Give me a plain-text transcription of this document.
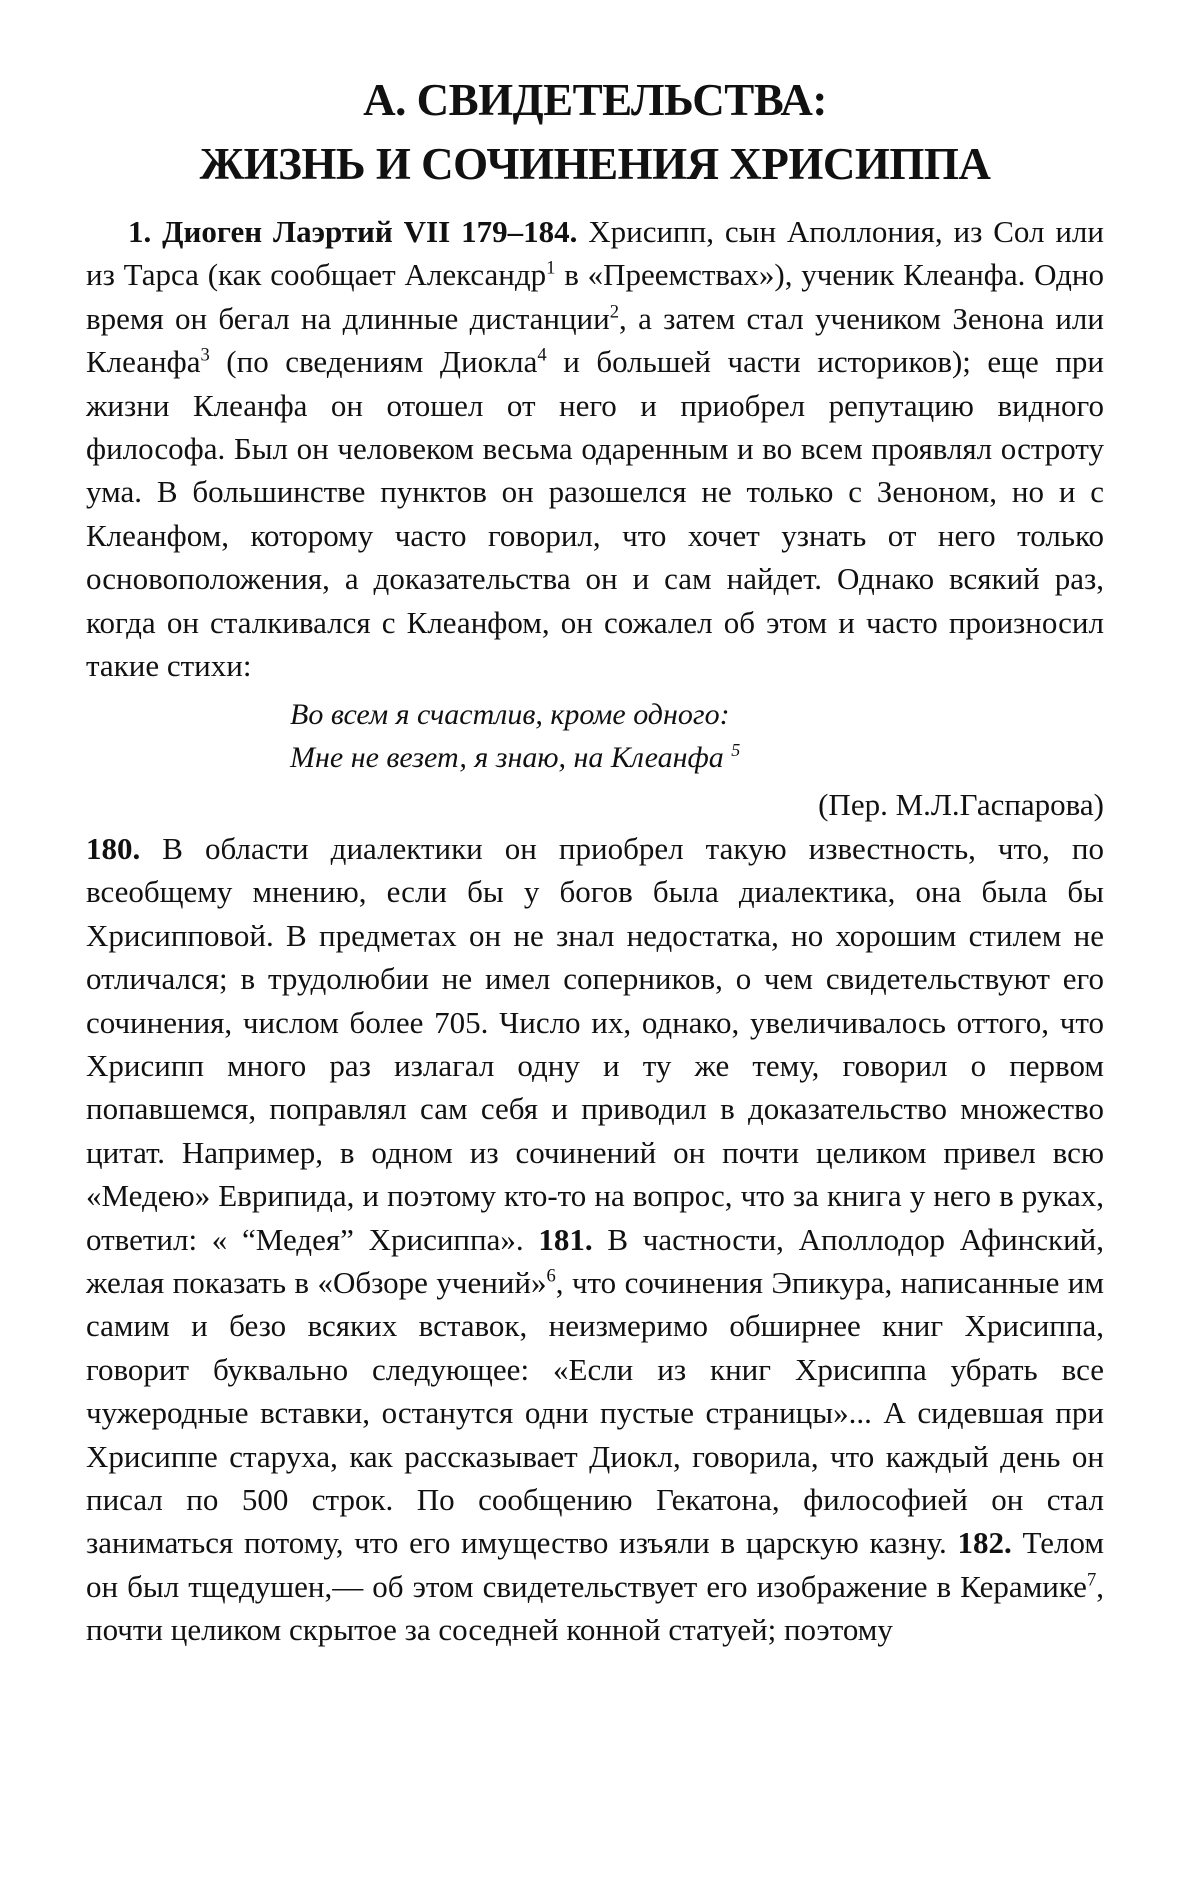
А. СВИДЕТЕЛЬСТВА:
ЖИЗНЬ И СОЧИНЕНИЯ ХРИСИППА

1. Диоген Лаэртий VII 179–184. Хрисипп, сын Аполлония, из Сол или из Тарса (как сообщает Александр$^1$ в «Преемствах»), ученик Клеанфа. Одно время он бегал на длинные дистанции$^2$, а затем стал учеником Зенона или Клеанфа$^3$ (по сведениям Диокла$^4$ и большей части историков); еще при жизни Клеанфа он отошел от него и приобрел репутацию видного философа. Был он человеком весьма одаренным и во всем проявлял остроту ума. В большинстве пунктов он разошелся не только с Зеноном, но и с Клеанфом, которому часто говорил, что хочет узнать от него только основоположения, а доказательства он и сам найдет. Однако всякий раз, когда он сталкивался с Клеанфом, он сожалел об этом и часто произносил такие стихи:

Во всем я счастлив, кроме одного:
Мне не везет, я знаю, на Клеанфа $^5$

(Пер. М.Л.Гаспарова)

180. В области диалектики он приобрел такую известность, что, по всеобщему мнению, если бы у богов была диалектика, она была бы Хрисипповой. В предметах он не знал недостатка, но хорошим стилем не отличался; в трудолюбии не имел соперников, о чем свидетельствуют его сочинения, числом более 705. Число их, однако, увеличивалось оттого, что Хрисипп много раз излагал одну и ту же тему, говорил о первом попавшемся, поправлял сам себя и приводил в доказательство множество цитат. Например, в одном из сочинений он почти целиком привел всю «Медею» Еврипида, и поэтому кто-то на вопрос, что за книга у него в руках, ответил: « “Медея” Хрисиппа». 181. В частности, Аполлодор Афинский, желая показать в «Обзоре учений»$^6$, что сочинения Эпикура, написанные им самим и безо всяких вставок, неизмеримо обширнее книг Хрисиппа, говорит буквально следующее: «Если из книг Хрисиппа убрать все чужеродные вставки, останутся одни пустые страницы»... А сидевшая при Хрисиппе старуха, как рассказывает Диокл, говорила, что каждый день он писал по 500 строк. По сообщению Гекатона, философией он стал заниматься потому, что его имущество изъяли в царскую казну. 182. Телом он был тщедушен,— об этом свидетельствует его изображение в Керамике$^7$, почти целиком скрытое за соседней конной статуей; поэтому
